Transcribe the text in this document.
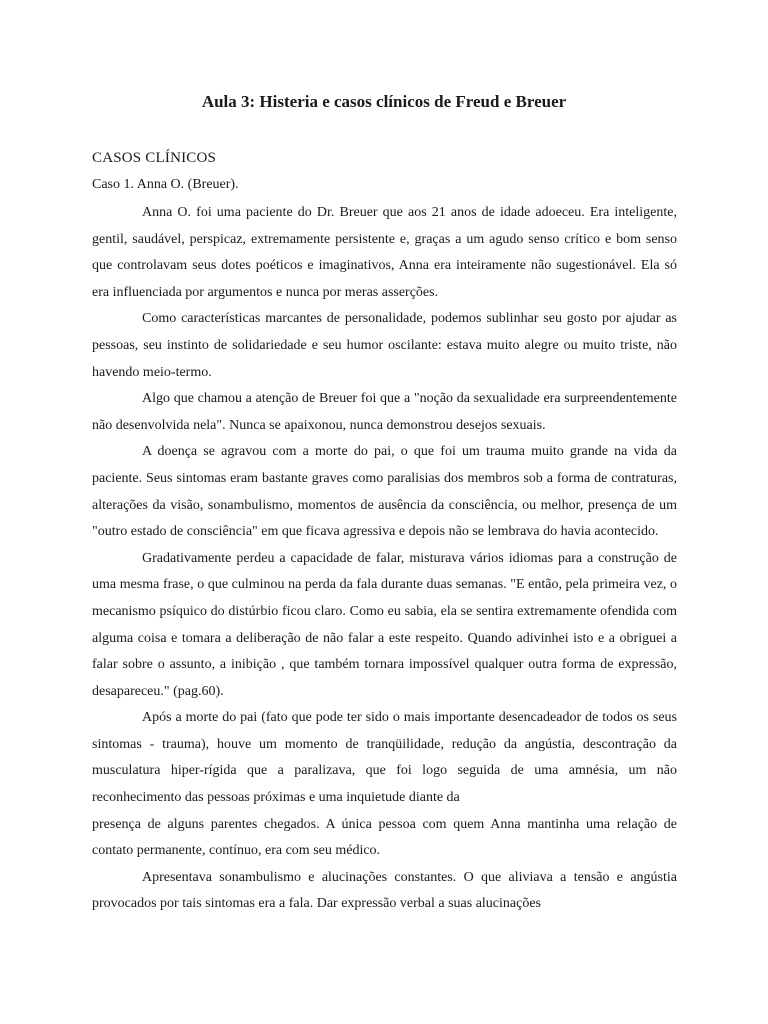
Aula 3: Histeria e casos clínicos de Freud e Breuer
CASOS CLÍNICOS

Caso 1. Anna O. (Breuer).

Anna O. foi uma paciente do Dr. Breuer que aos 21 anos de idade adoeceu. Era inteligente, gentil, saudável, perspicaz, extremamente persistente e, graças a um agudo senso crítico e bom senso que controlavam seus dotes poéticos e imaginativos, Anna era inteiramente não sugestionável. Ela só era influenciada por argumentos e nunca por meras asserções.

Como características marcantes de personalidade, podemos sublinhar seu gosto por ajudar as pessoas, seu instinto de solidariedade e seu humor oscilante: estava muito alegre ou muito triste, não havendo meio-termo.

Algo que chamou a atenção de Breuer foi que a "noção da sexualidade era surpreendentemente não desenvolvida nela". Nunca se apaixonou, nunca demonstrou desejos sexuais.

A doença se agravou com a morte do pai, o que foi um trauma muito grande na vida da paciente. Seus sintomas eram bastante graves como paralisias dos membros sob a forma de contraturas, alterações da visão, sonambulismo, momentos de ausência da consciência, ou melhor, presença de um "outro estado de consciência" em que ficava agressiva e depois não se lembrava do havia acontecido.

Gradativamente perdeu a capacidade de falar, misturava vários idiomas para a construção de uma mesma frase, o que culminou na perda da fala durante duas semanas. "E então, pela primeira vez, o mecanismo psíquico do distúrbio ficou claro. Como eu sabia, ela se sentira extremamente ofendida com alguma coisa e tomara a deliberação de não falar a este respeito. Quando adivinhei isto e a obriguei a falar sobre o assunto, a inibição , que também tornara impossível qualquer outra forma de expressão, desapareceu." (pag.60).

Após a morte do pai (fato que pode ter sido o mais importante desencadeador de todos os seus sintomas - trauma), houve um momento de tranqüilidade, redução da angústia, descontração da musculatura hiper-rígida que a paralizava, que foi logo seguida de uma amnésia, um não reconhecimento das pessoas próximas e uma inquietude diante da

presença de alguns parentes chegados. A única pessoa com quem Anna mantinha uma relação de contato permanente, contínuo, era com seu médico.

Apresentava sonambulismo e alucinações constantes. O que aliviava a tensão e angústia provocados por tais sintomas era a fala. Dar expressão verbal a suas alucinações
